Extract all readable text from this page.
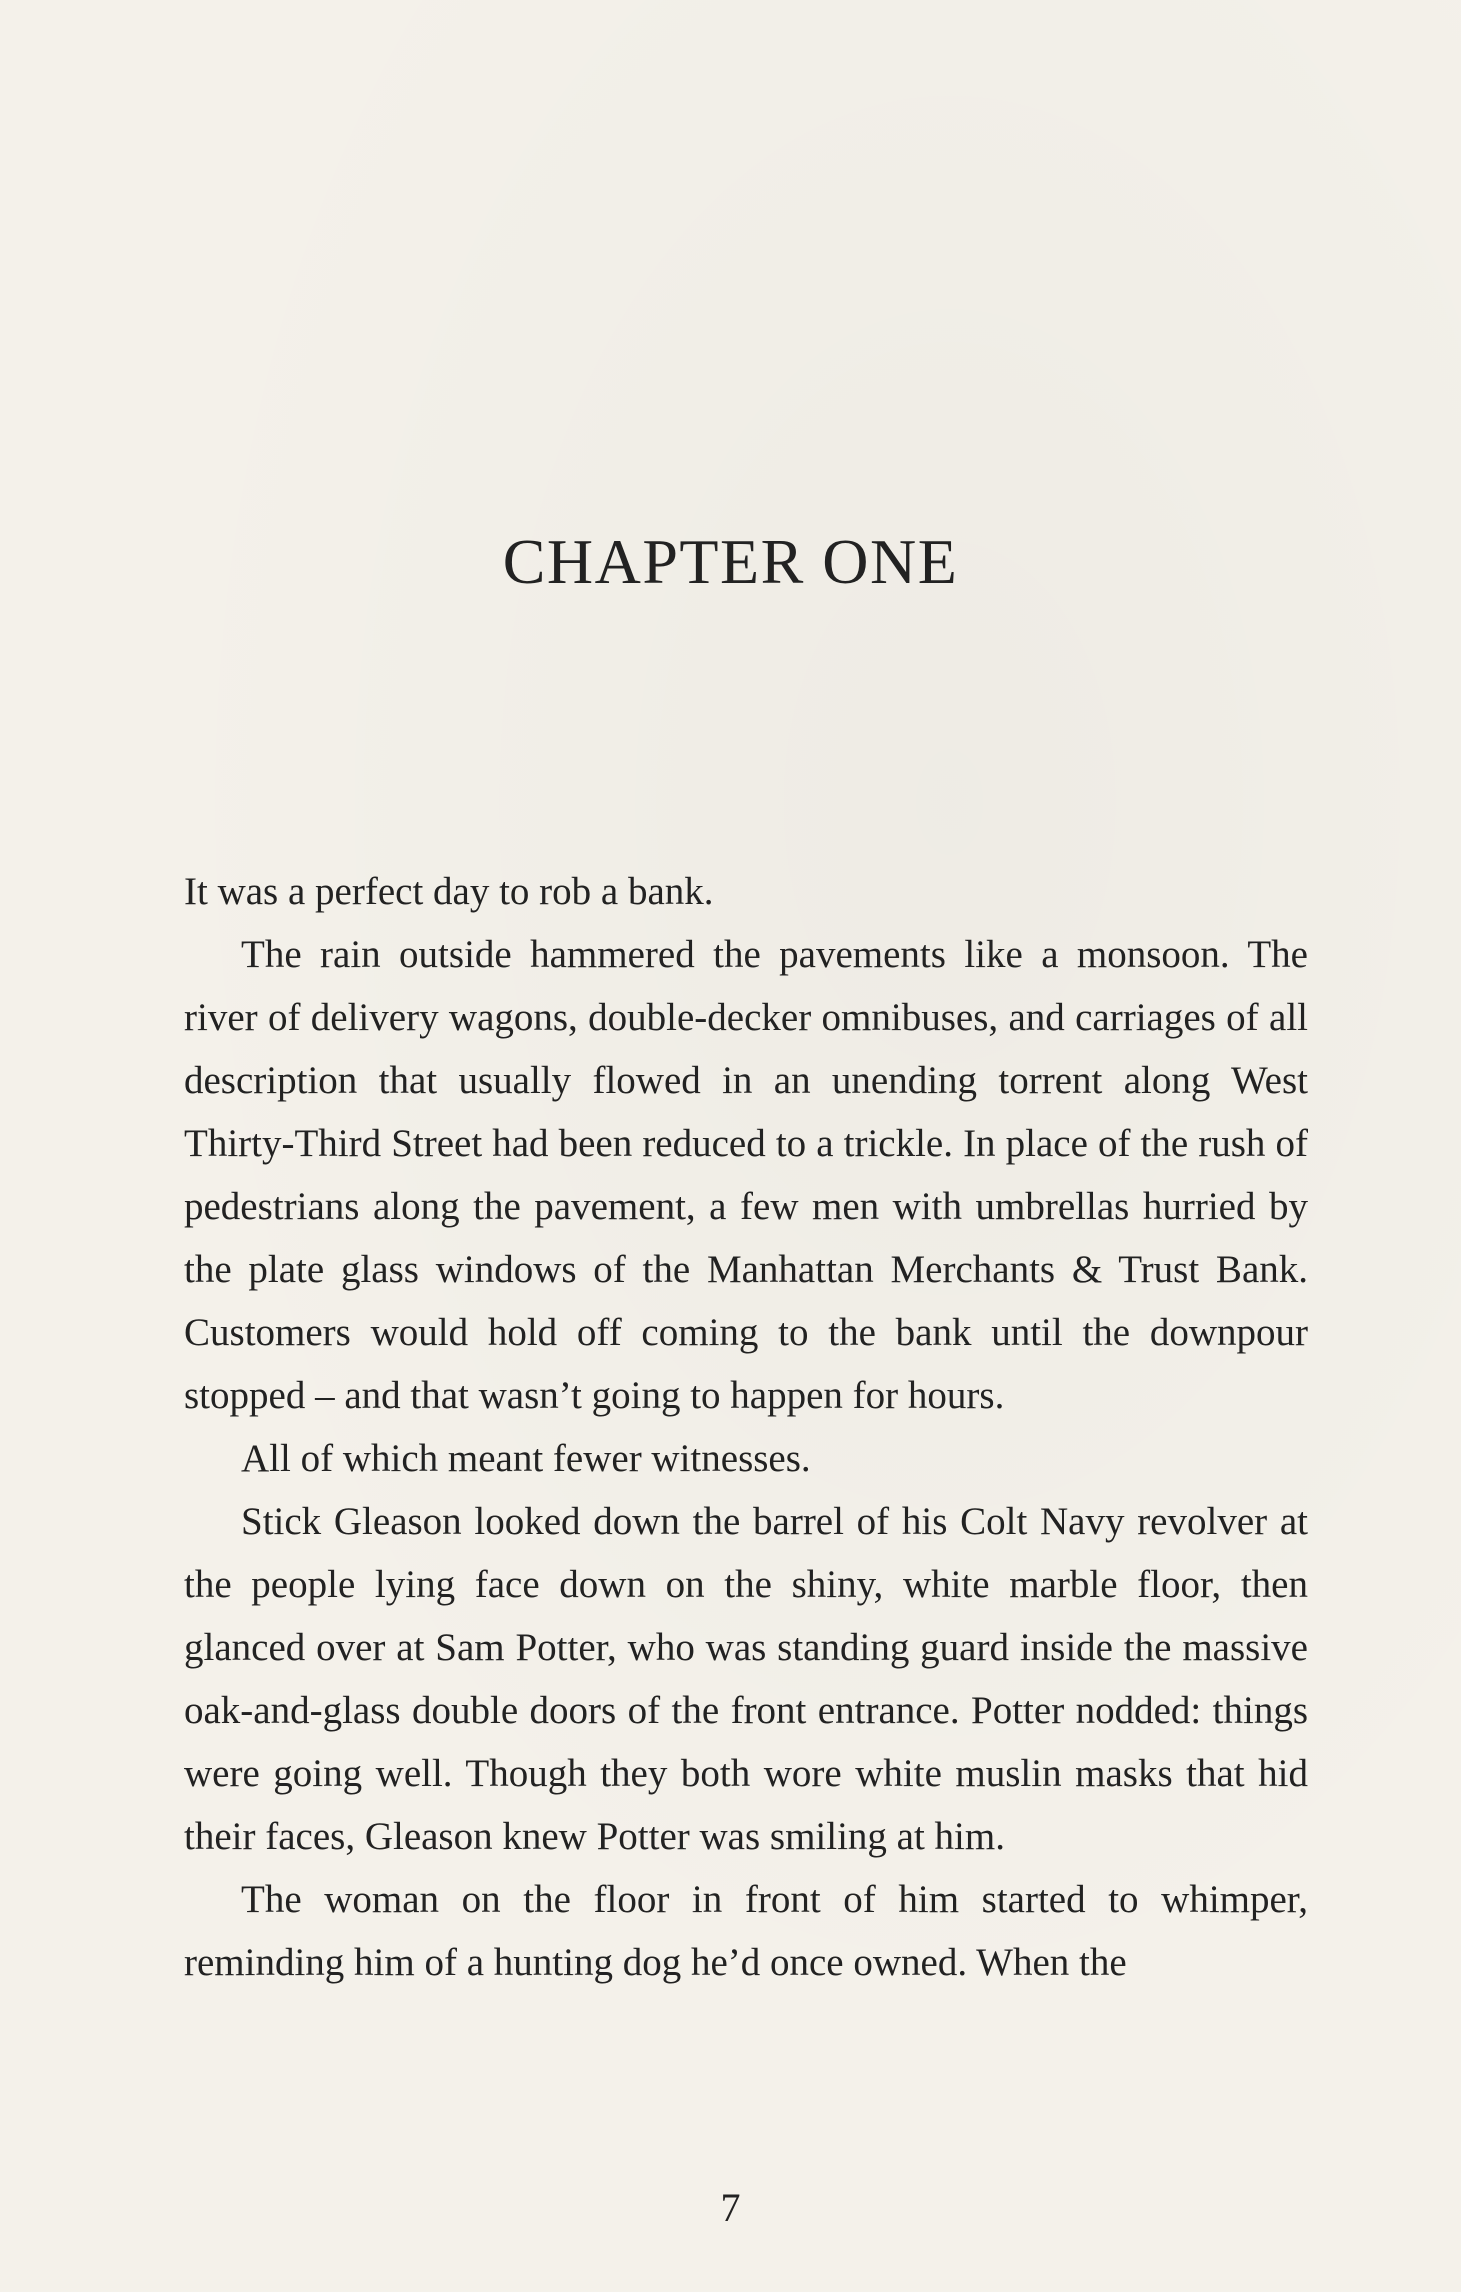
CHAPTER ONE

It was a perfect day to rob a bank.

The rain outside hammered the pavements like a monsoon. The river of delivery wagons, double-decker omnibuses, and carriages of all description that usually flowed in an unending torrent along West Thirty-Third Street had been reduced to a trickle. In place of the rush of pedestrians along the pavement, a few men with umbrellas hurried by the plate glass windows of the Manhattan Merchants & Trust Bank. Customers would hold off coming to the bank until the downpour stopped – and that wasn’t going to happen for hours.

All of which meant fewer witnesses.

Stick Gleason looked down the barrel of his Colt Navy revolver at the people lying face down on the shiny, white marble floor, then glanced over at Sam Potter, who was standing guard inside the massive oak-and-glass double doors of the front entrance. Potter nodded: things were going well. Though they both wore white muslin masks that hid their faces, Gleason knew Potter was smiling at him.

The woman on the floor in front of him started to whimper, reminding him of a hunting dog he’d once owned. When the

7
